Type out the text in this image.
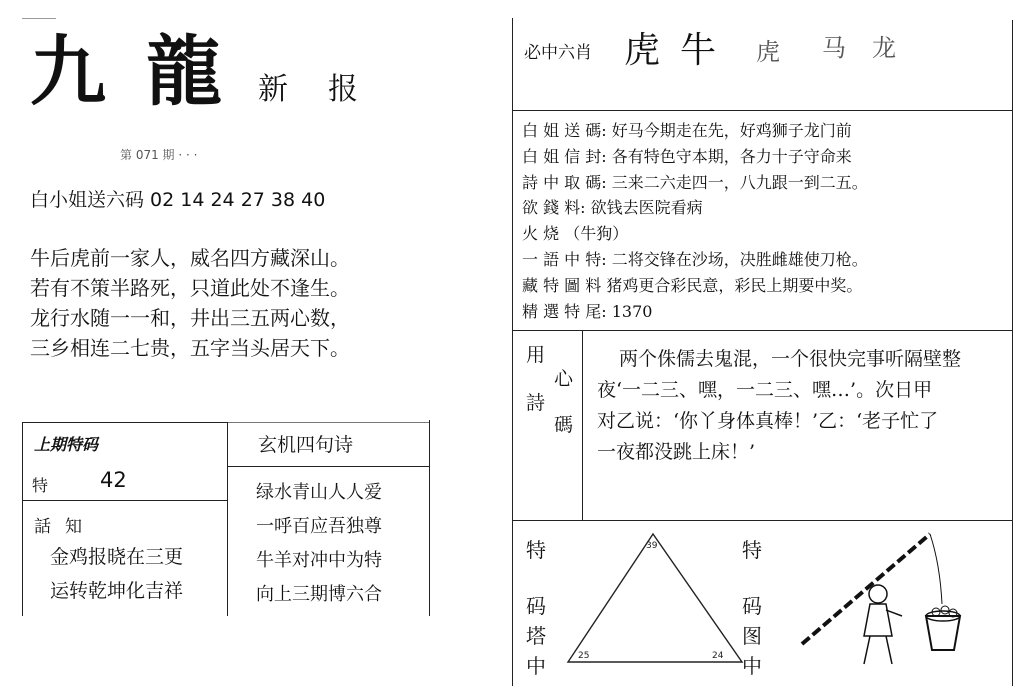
九 龍 新 报
第 071 期 · · ·
白小姐送六码 02 14 24 27 38 40
牛后虎前一家人，威名四方藏深山。
若有不策半路死，只道此处不逢生。
龙行水随一一和，井出三五两心数，
三乡相连二七贵，五字当头居天下。
上期特码
特 42
話知
金鸡报晓在三更
运转乾坤化吉祥
玄机四句诗
绿水青山人人爱
一呼百应吾独尊
牛羊对冲中为特
向上三期博六合
必中六肖 虎 牛 虎 马 龙
白 姐 送 碼: 好马今期走在先，好鸡狮子龙门前
白 姐 信 封: 各有特色守本期，各力十子守命来
詩 中 取 碼: 三来二六走四一，八九跟一到二五。
欲 錢 料: 欲钱去医院看病
火 烧 （牛狗）
一 語 中 特: 二将交锋在沙场，决胜雌雄使刀枪。
藏 特 圖 料 猪鸡更合彩民意，彩民上期要中奖。
精 選 特 尾: 1370
用
心
詩
碼
两个侏儒去鬼混，一个很快完事听隔壁整
夜‘一二三、嘿，一二三、嘿…’。次日甲
对乙说：‘你丫身体真棒！’乙：‘老子忙了
一夜都没跳上床！’
特
码
塔
中
特
码
图
中
39
25	24
